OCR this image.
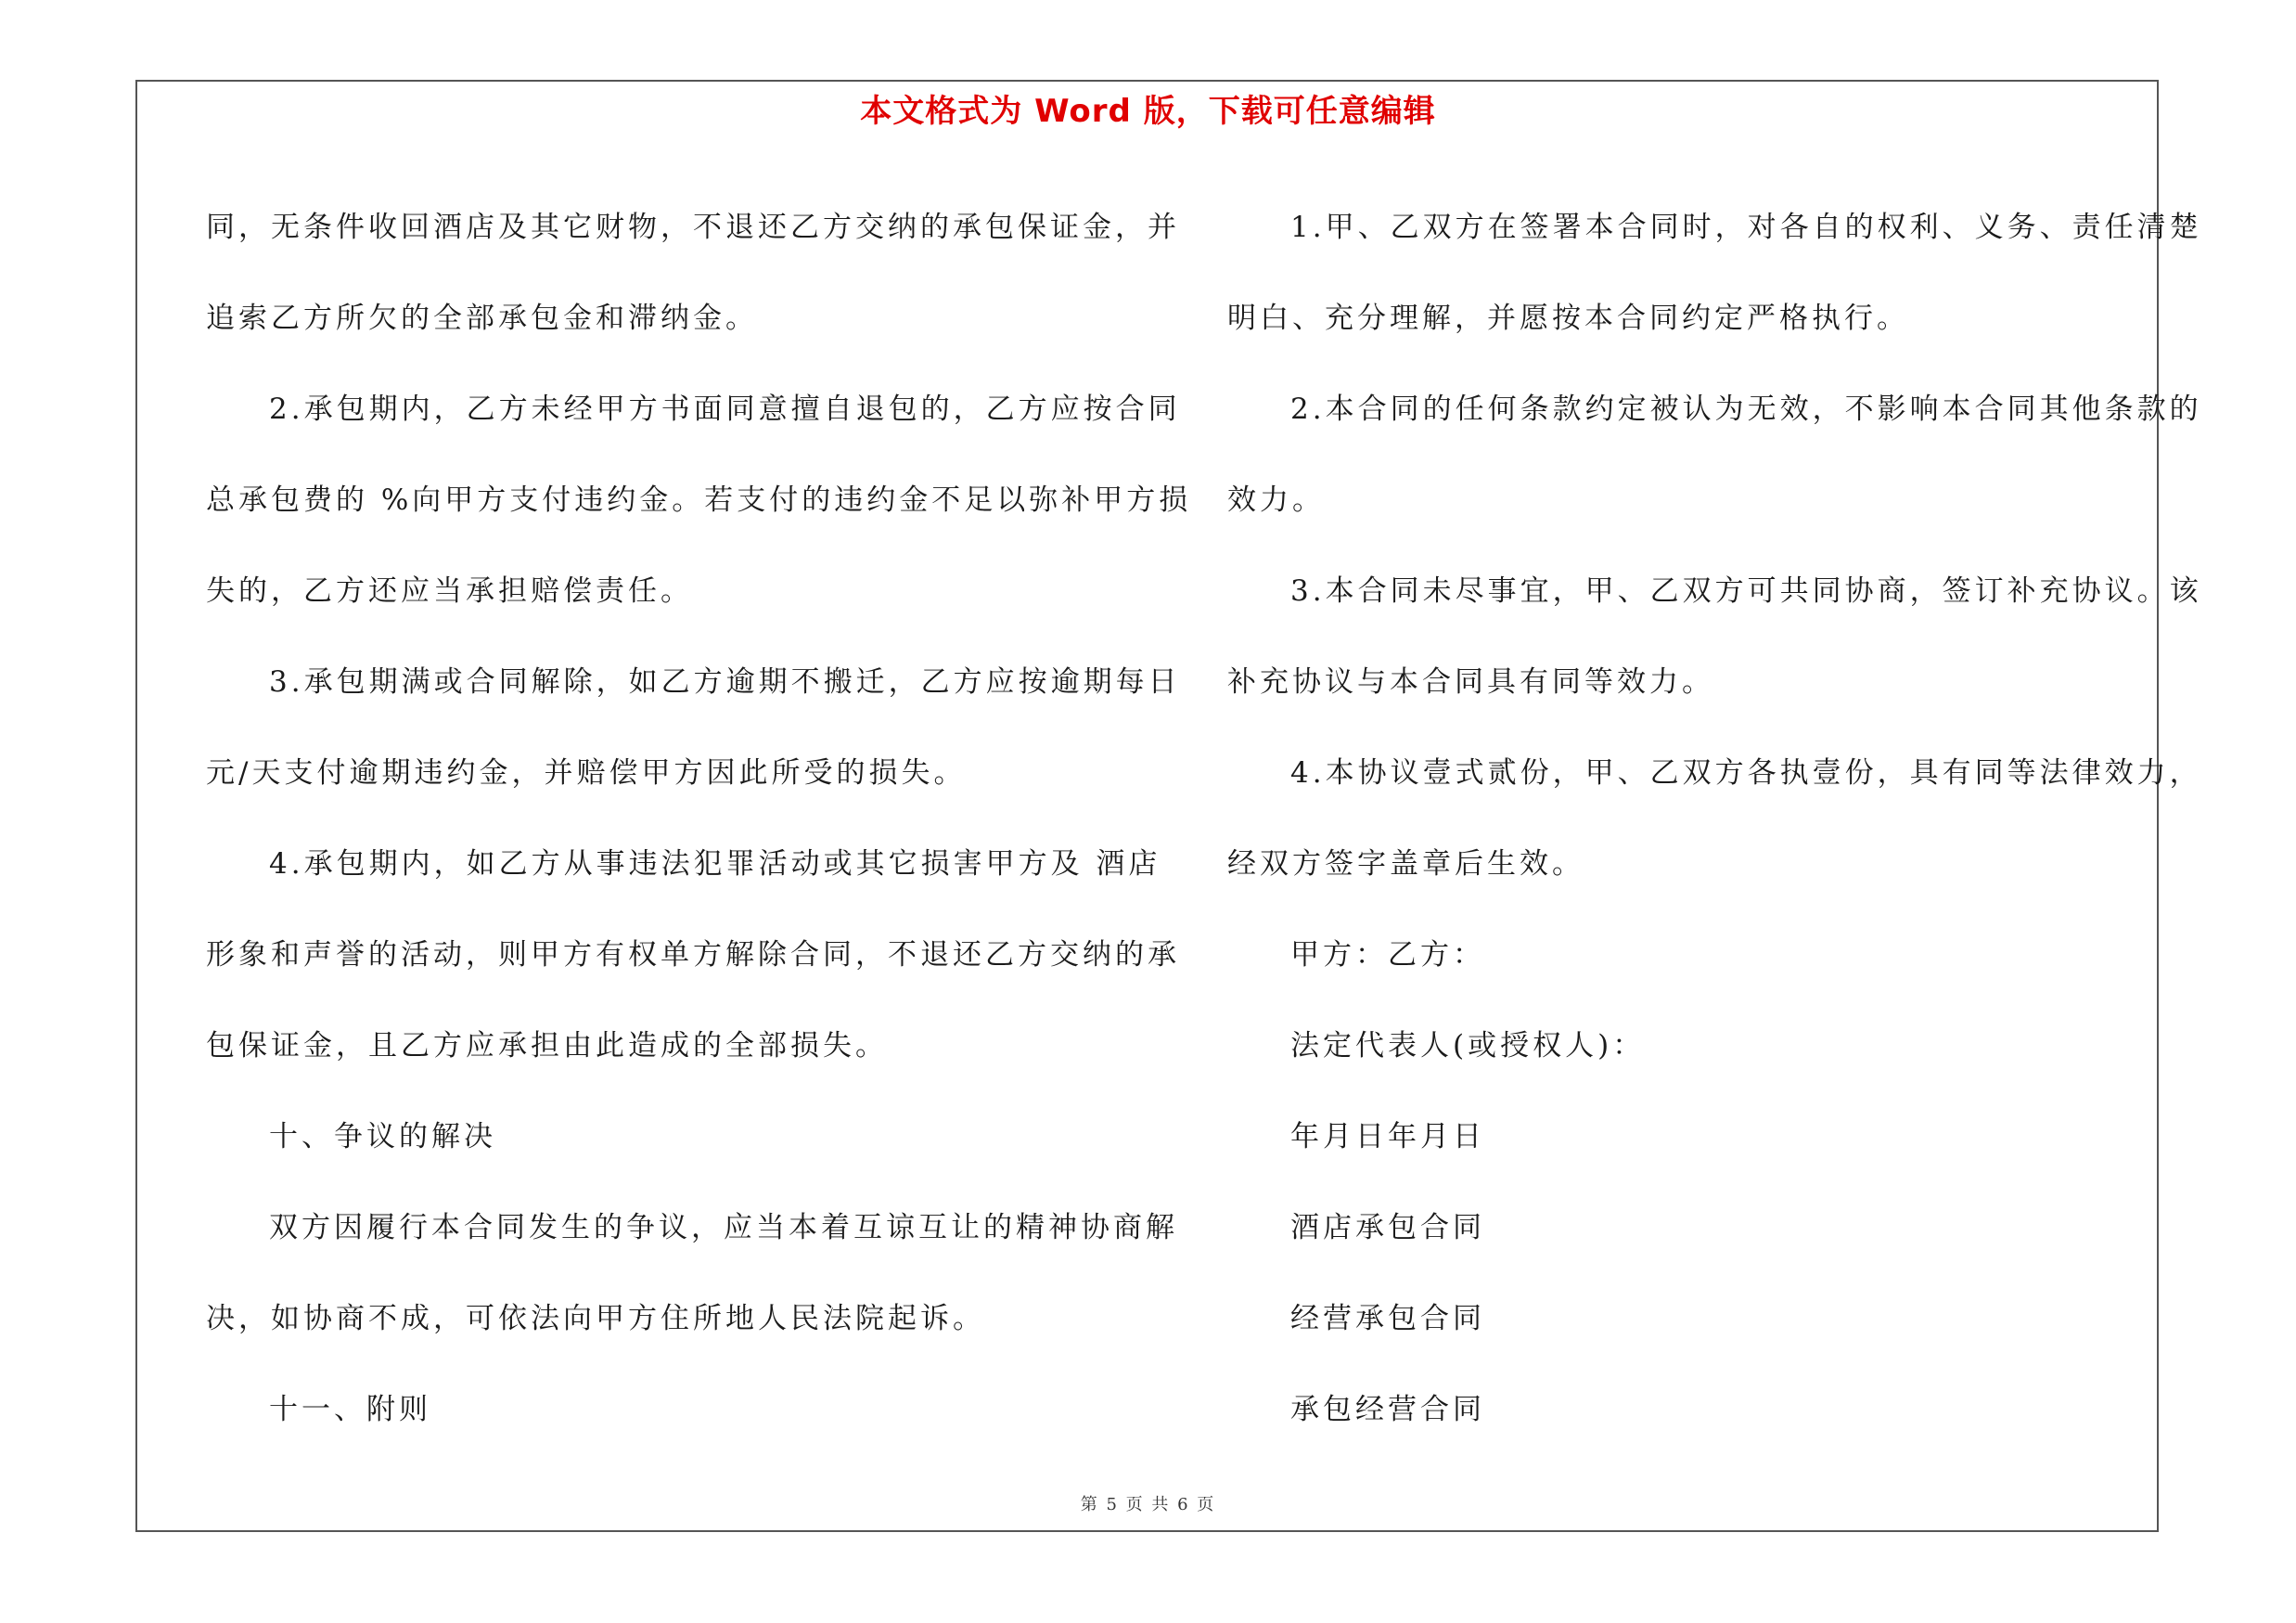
本文格式为 Word 版，下载可任意编辑

同，无条件收回酒店及其它财物，不退还乙方交纳的承包保证金，并

追索乙方所欠的全部承包金和滞纳金。

2.承包期内，乙方未经甲方书面同意擅自退包的，乙方应按合同

总承包费的 %向甲方支付违约金。若支付的违约金不足以弥补甲方损

失的，乙方还应当承担赔偿责任。

3.承包期满或合同解除，如乙方逾期不搬迁，乙方应按逾期每日

元/天支付逾期违约金，并赔偿甲方因此所受的损失。

4.承包期内，如乙方从事违法犯罪活动或其它损害甲方及 酒店

形象和声誉的活动，则甲方有权单方解除合同，不退还乙方交纳的承

包保证金，且乙方应承担由此造成的全部损失。

十、争议的解决

双方因履行本合同发生的争议，应当本着互谅互让的精神协商解

决，如协商不成，可依法向甲方住所地人民法院起诉。

十一、附则

1.甲、乙双方在签署本合同时，对各自的权利、义务、责任清楚

明白、充分理解，并愿按本合同约定严格执行。

2.本合同的任何条款约定被认为无效，不影响本合同其他条款的

效力。

3.本合同未尽事宜，甲、乙双方可共同协商，签订补充协议。该

补充协议与本合同具有同等效力。

4.本协议壹式贰份，甲、乙双方各执壹份，具有同等法律效力，

经双方签字盖章后生效。

甲方：乙方：

法定代表人(或授权人)：

年月日年月日

酒店承包合同

经营承包合同

承包经营合同

第 5 页 共 6 页
